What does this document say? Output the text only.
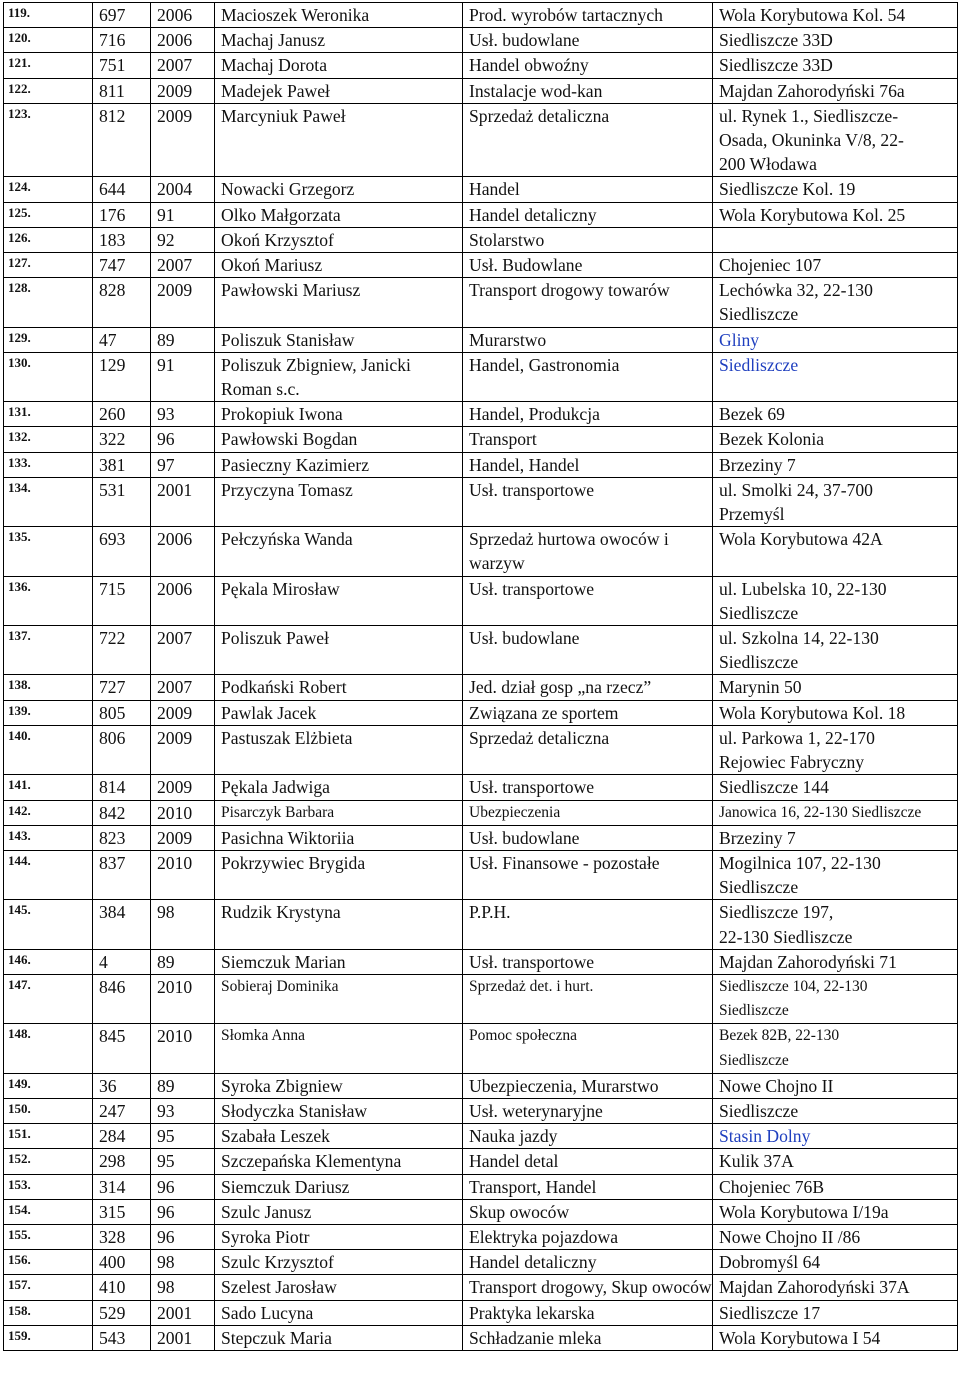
119.	697	2006	Macioszek Weronika	Prod. wyrobów tartacznych	Wola Korybutowa Kol. 54
120.	716	2006	Machaj Janusz	Usł. budowlane	Siedliszcze 33D
121.	751	2007	Machaj Dorota	Handel obwoźny	Siedliszcze 33D
122.	811	2009	Madejek Paweł	Instalacje wod-kan	Majdan Zahorodyński 76a
123.	812	2009	Marcyniuk Paweł	Sprzedaż detaliczna	ul. Rynek 1., Siedliszcze-
Osada, Okuninka V/8, 22-
200 Włodawa
124.	644	2004	Nowacki Grzegorz	Handel	Siedliszcze Kol. 19
125.	176	91	Olko Małgorzata	Handel detaliczny	Wola Korybutowa Kol. 25
126.	183	92	Okoń Krzysztof	Stolarstwo	
127.	747	2007	Okoń Mariusz	Usł. Budowlane	Chojeniec 107
128.	828	2009	Pawłowski Mariusz	Transport drogowy towarów	Lechówka 32, 22-130
Siedliszcze
129.	47	89	Poliszuk Stanisław	Murarstwo	Gliny
130.	129	91	Poliszuk Zbigniew, Janicki Roman s.c.	Handel, Gastronomia	Siedliszcze
131.	260	93	Prokopiuk Iwona	Handel, Produkcja	Bezek 69
132.	322	96	Pawłowski Bogdan	Transport	Bezek Kolonia
133.	381	97	Pasieczny Kazimierz	Handel, Handel	Brzeziny 7
134.	531	2001	Przyczyna Tomasz	Usł. transportowe	ul. Smolki 24, 37-700
Przemyśl
135.	693	2006	Pełczyńska Wanda	Sprzedaż hurtowa owoców i warzyw	Wola Korybutowa 42A
136.	715	2006	Pękala Mirosław	Usł. transportowe	ul. Lubelska 10, 22-130
Siedliszcze
137.	722	2007	Poliszuk Paweł	Usł. budowlane	ul. Szkolna 14, 22-130
Siedliszcze
138.	727	2007	Podkański Robert	Jed. dział gosp „na rzecz”	Marynin 50
139.	805	2009	Pawlak Jacek	Związana ze sportem	Wola Korybutowa Kol. 18
140.	806	2009	Pastuszak Elżbieta	Sprzedaż detaliczna	ul. Parkowa 1, 22-170
Rejowiec Fabryczny
141.	814	2009	Pękala Jadwiga	Usł. transportowe	Siedliszcze 144
142.	842	2010	Pisarczyk Barbara	Ubezpieczenia	Janowica 16, 22-130 Siedliszcze
143.	823	2009	Pasichna Wiktoriia	Usł. budowlane	Brzeziny 7
144.	837	2010	Pokrzywiec Brygida	Usł. Finansowe - pozostałe	Mogilnica 107, 22-130
Siedliszcze
145.	384	98	Rudzik Krystyna	P.P.H.	Siedliszcze 197,
22-130 Siedliszcze
146.	4	89	Siemczuk Marian	Usł. transportowe	Majdan Zahorodyński 71
147.	846	2010	Sobieraj Dominika	Sprzedaż det. i hurt.	Siedliszcze 104, 22-130
Siedliszcze
148.	845	2010	Słomka Anna	Pomoc społeczna	Bezek 82B, 22-130
Siedliszcze
149.	36	89	Syroka Zbigniew	Ubezpieczenia, Murarstwo	Nowe Chojno II
150.	247	93	Słodyczka Stanisław	Usł. weterynaryjne	Siedliszcze
151.	284	95	Szabała Leszek	Nauka jazdy	Stasin Dolny
152.	298	95	Szczepańska Klementyna	Handel detal	Kulik 37A
153.	314	96	Siemczuk Dariusz	Transport, Handel	Chojeniec 76B
154.	315	96	Szulc Janusz	Skup owoców	Wola Korybutowa I/19a
155.	328	96	Syroka Piotr	Elektryka pojazdowa	Nowe Chojno II /86
156.	400	98	Szulc Krzysztof	Handel detaliczny	Dobromyśl 64
157.	410	98	Szelest Jarosław	Transport drogowy, Skup owoców	Majdan Zahorodyński 37A
158.	529	2001	Sado Lucyna	Praktyka lekarska	Siedliszcze 17
159.	543	2001	Stepczuk Maria	Schładzanie mleka	Wola Korybutowa I 54
